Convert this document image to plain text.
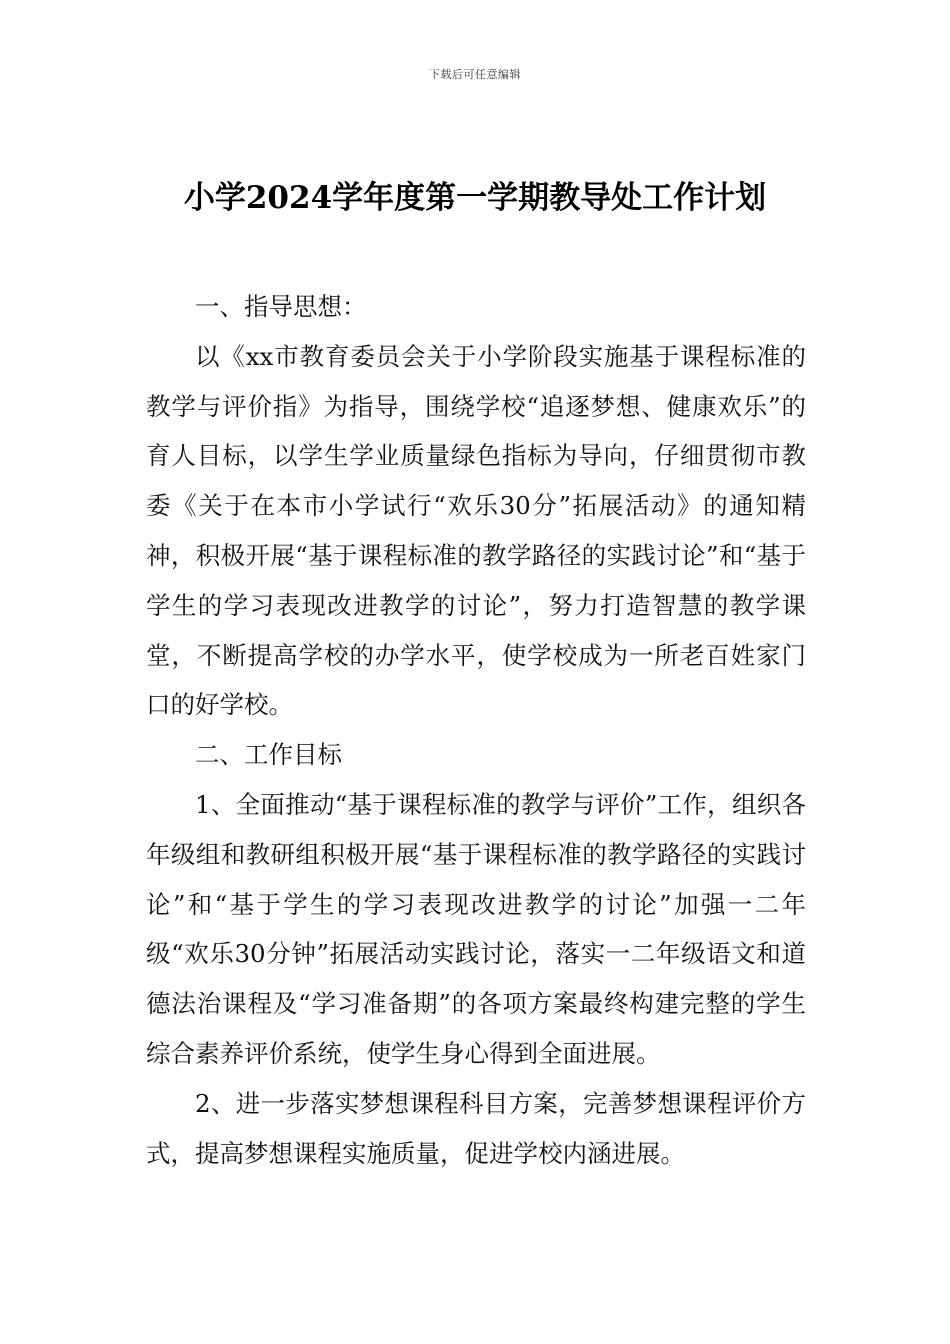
下载后可任意编辑
小学2024学年度第一学期教导处工作计划

一、指导思想：

以《xx市教育委员会关于小学阶段实施基于课程标准的教学与评价指》为指导，围绕学校“追逐梦想、健康欢乐”的育人目标，以学生学业质量绿色指标为导向，仔细贯彻市教委《关于在本市小学试行“欢乐30分”拓展活动》的通知精神，积极开展“基于课程标准的教学路径的实践讨论”和“基于学生的学习表现改进教学的讨论”，努力打造智慧的教学课堂，不断提高学校的办学水平，使学校成为一所老百姓家门口的好学校。

二、工作目标

1、全面推动“基于课程标准的教学与评价”工作，组织各年级组和教研组积极开展“基于课程标准的教学路径的实践讨论”和“基于学生的学习表现改进教学的讨论”加强一二年级“欢乐30分钟”拓展活动实践讨论，落实一二年级语文和道德法治课程及“学习准备期”的各项方案最终构建完整的学生综合素养评价系统，使学生身心得到全面进展。

2、进一步落实梦想课程科目方案，完善梦想课程评价方式，提高梦想课程实施质量，促进学校内涵进展。
